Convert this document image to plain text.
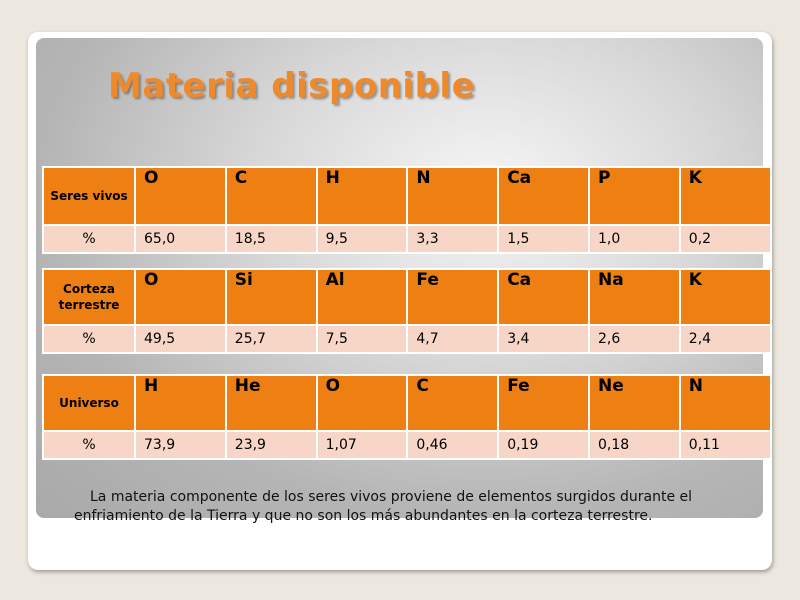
Materia disponible
Seres vivos	O	C	H	N	Ca	P	K
%	65,0	18,5	9,5	3,3	1,5	1,0	0,2
Corteza terrestre	O	Si	Al	Fe	Ca	Na	K
%	49,5	25,7	7,5	4,7	3,4	2,6	2,4
Universo	H	He	O	C	Fe	Ne	N
%	73,9	23,9	1,07	0,46	0,19	0,18	0,11

La materia componente de los seres vivos proviene de elementos surgidos durante el enfriamiento de la Tierra y que no son los más abundantes en la corteza terrestre.
